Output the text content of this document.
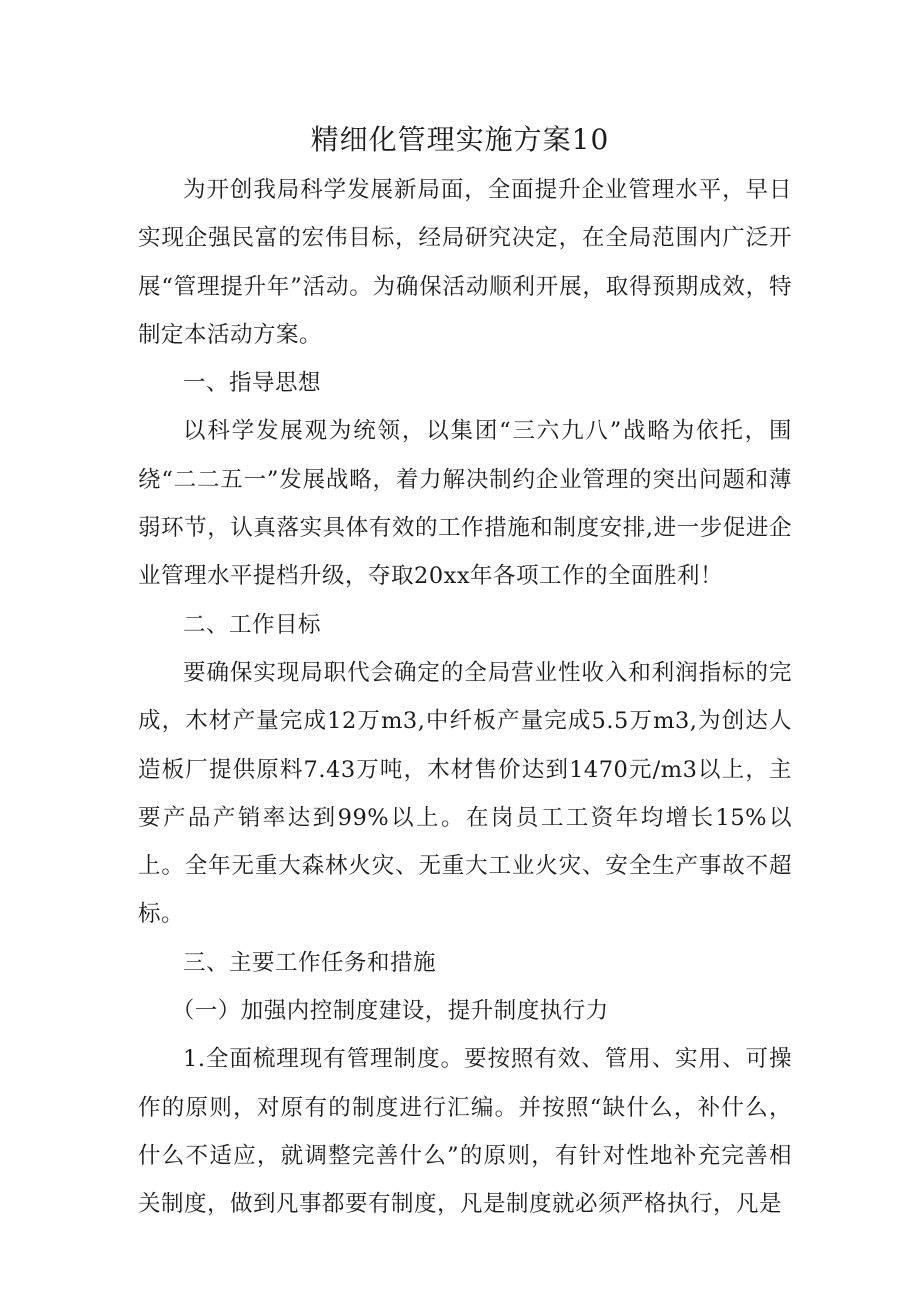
精细化管理实施方案10

为开创我局科学发展新局面，全面提升企业管理水平，早日实现企强民富的宏伟目标，经局研究决定，在全局范围内广泛开展“管理提升年”活动。为确保活动顺利开展，取得预期成效，特制定本活动方案。

一、指导思想

以科学发展观为统领，以集团“三六九八”战略为依托，围绕“二二五一”发展战略，着力解决制约企业管理的突出问题和薄弱环节，认真落实具体有效的工作措施和制度安排,进一步促进企业管理水平提档升级，夺取20xx年各项工作的全面胜利！

二、工作目标

要确保实现局职代会确定的全局营业性收入和利润指标的完成，木材产量完成12万m3,中纤板产量完成5.5万m3,为创达人造板厂提供原料7.43万吨，木材售价达到1470元/m3以上，主要产品产销率达到99%以上。在岗员工工资年均增长15%以上。全年无重大森林火灾、无重大工业火灾、安全生产事故不超标。

三、主要工作任务和措施

（一）加强内控制度建设，提升制度执行力

1.全面梳理现有管理制度。要按照有效、管用、实用、可操作的原则，对原有的制度进行汇编。并按照“缺什么，补什么，什么不适应，就调整完善什么”的原则，有针对性地补充完善相关制度，做到凡事都要有制度，凡是制度就必须严格执行，凡是
